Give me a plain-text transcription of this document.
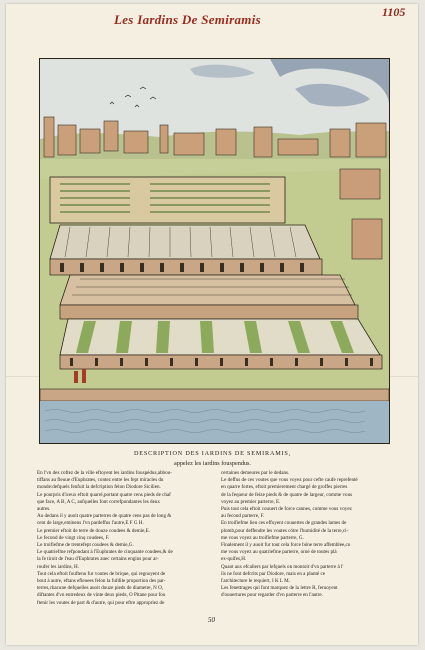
Les Iardins De Semiramis	1105
DESCRIPTION DES IARDINS DE SEMIRAMIS,
appelez les iardins fouspendus.

En l'vn des coftez de la ville eftoyent les iardins fouspédus,abbou-

tiffans au fleuue d'Euphrates, contez entre les fept miracles du

monde:defquels fenfuit la defcription felon Diodore Sicilien.

Le pourpris d'iceux eftoit quarré,portant quatre cens pieds de chaf

que face, A B, A C, aufquelles font correfpondantes les deux

autres.

Au dedans il y auoit quatre parterres de quatre cens pas de long &

cent de large,eminens l'vn pardeffus l'autre,E F G H.

Le premier eftoit de terre de douze coudees & demie,E.

Le fecond de vingt cinq coudees, F.

Le troifiefme de trentefept coudees & demie,G.

Le quatriefme refpondant à l'Euphrates de cinquante coudees,& de

la fe tiroit de l'eau d'Euphrates auec certains engins pour ar-

roufer les iardins, H.

Tout cela eftoit fouftenu fur voutes de brique, qui regnoyent de

bout à autre, eftans efleuees felon la fufdite proportion des par-

terres,chacune defquelles auoit douze pieds de diametre, N O,

diftantes d'vn entredeux de vinte deux pieds, O Pitane pour fou

ftenir les voutes de part & d'autre, qui pour eftre appropriez de

certaines demeures par le dedans.

Le deffus de ces voutes que vous voyez pour cefte caufe reprefenté

en quarre fortes, eftoit premierement chargé de groffes pierres

de la fequeur de feize pieds & de quatre de largeur, comme vous

voyez au premier parterre, E.

Puis tout cela eftoit couuert de force cannes, comme vous voyez

au fecond parterre, F.

En troifiefme lieu ces effoyent couuertes de grandes lames de

plomb,pour deffendre les voutes cótre l'humidité de la terre,ci-

me vous voyez au troifiefme parterre, G.

Finalement il y auoit fur tout cela force bóne terre affemblee,co

me vous voyez au quatriefme parterre, orné de toutes plá

ex-quifes,H.

Quant aux efcaliers par lefquels on montoit d'vn parterre à l'

ils ne font defcrits par Diodore, mais en a planté ce

l'architecture le requiert, I K L M.

Les fenettrages qui font marquez de la lettre R, feruoyent

d'ouuertures pour regarder d'vn parterre en l'autre.

50
